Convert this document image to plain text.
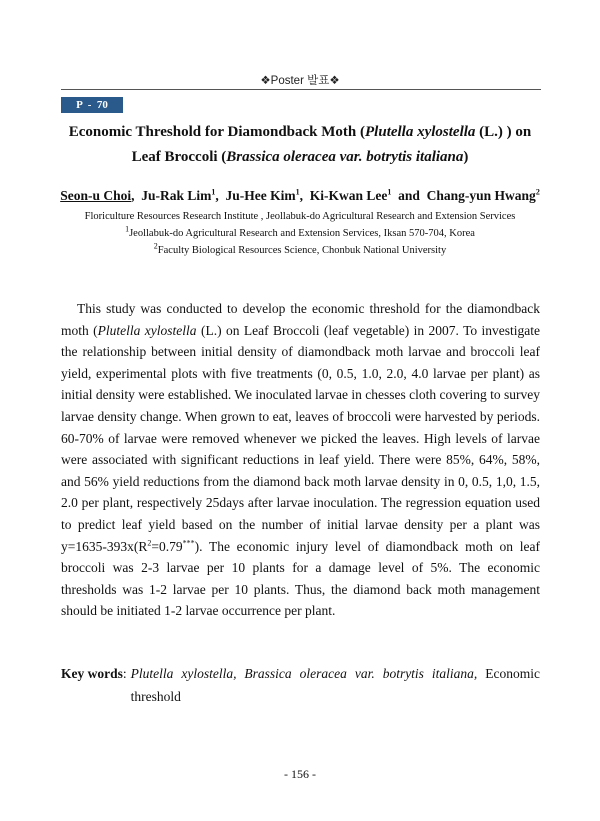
❖Poster 발표❖
P  -  70
Economic Threshold for Diamondback Moth (Plutella xylostella (L.) ) on
Leaf Broccoli (Brassica oleracea var. botrytis italiana)
Seon-u Choi,  Ju-Rak Lim$^1$,  Ju-Hee Kim$^1$,  Ki-Kwan Lee$^1$ and Chang-yun Hwang$^2$
Floriculture Resources Research Institute , Jeollabuk-do Agricultural Research and Extension Services
$^1$Jeollabuk-do Agricultural Research and Extension Services, Iksan 570-704, Korea
$^2$Faculty Biological Resources Science, Chonbuk National University

This study was conducted to develop the economic threshold for the diamondback moth (Plutella xylostella (L.) on Leaf Broccoli (leaf vegetable) in 2007. To investigate the relationship between initial density of diamondback moth larvae and broccoli leaf yield, experimental plots with five treatments (0, 0.5, 1.0, 2.0, 4.0 larvae per plant) as initial density were established. We inoculated larvae in chesses cloth covering to survey larvae density change. When grown to eat, leaves of broccoli were harvested by periods. 60-70% of larvae were removed whenever we picked the leaves. High levels of larvae were associated with significant reductions in leaf yield. There were 85%, 64%, 58%, and 56% yield reductions from the diamond back moth larvae density in 0, 0.5, 1,0, 1.5, 2.0 per plant, respectively 25days after larvae inoculation. The regression equation used to predict leaf yield based on the number of initial larvae density per a plant was $y=1635-393x(R^2=0.79^{***})$. The economic injury level of diamondback moth on leaf broccoli was 2-3 larvae per 10 plants for a damage level of 5%. The economic thresholds was 1-2 larvae per 10 plants. Thus, the diamond back moth management should be initiated 1-2 larvae occurrence per plant.

Key words: Plutella xylostella, Brassica oleracea var. botrytis italiana, Economic threshold
- 156 -
